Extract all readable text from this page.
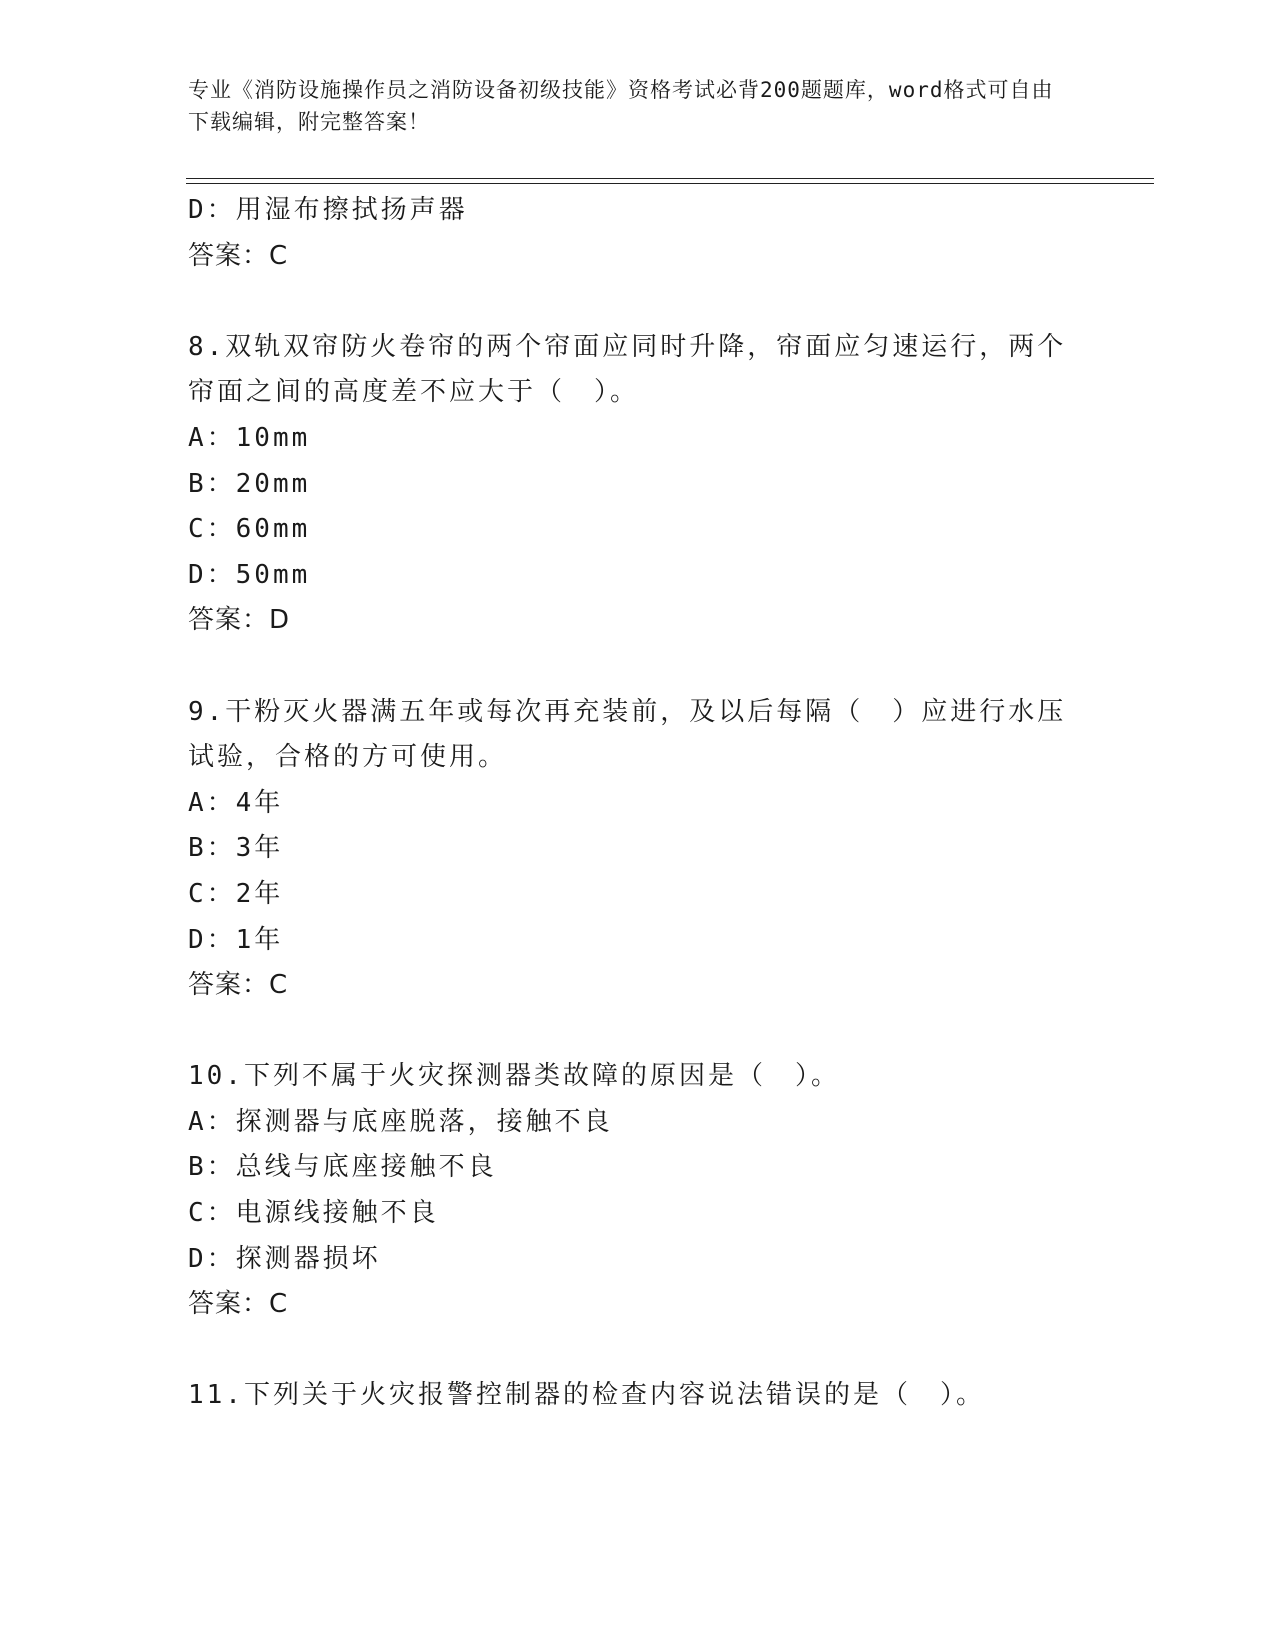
专业《消防设施操作员之消防设备初级技能》资格考试必背200题题库，word格式可自由下载编辑，附完整答案！
D：用湿布擦拭扬声器
答案：C
8.双轨双帘防火卷帘的两个帘面应同时升降，帘面应匀速运行，两个
帘面之间的高度差不应大于（　）。
A：10mm
B：20mm
C：60mm
D：50mm
答案：D
9.干粉灭火器满五年或每次再充装前，及以后每隔（　）应进行水压
试验，合格的方可使用。
A：4年
B：3年
C：2年
D：1年
答案：C
10.下列不属于火灾探测器类故障的原因是（　）。
A：探测器与底座脱落，接触不良
B：总线与底座接触不良
C：电源线接触不良
D：探测器损坏
答案：C
11.下列关于火灾报警控制器的检查内容说法错误的是（　）。
